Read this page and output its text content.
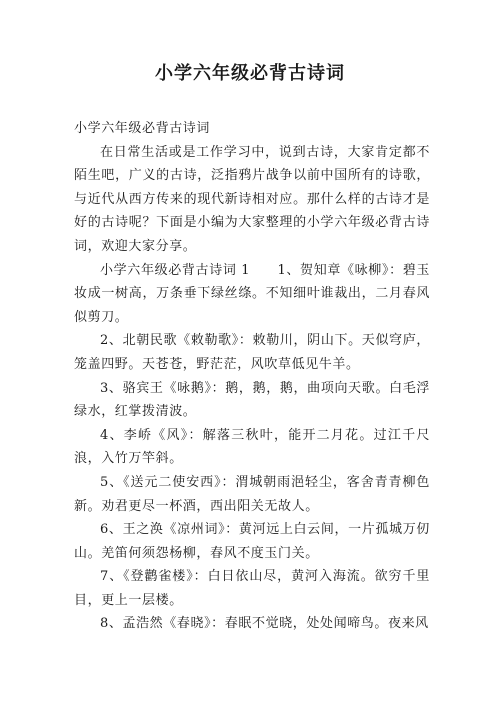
小学六年级必背古诗词

小学六年级必背古诗词

在日常生活或是工作学习中，说到古诗，大家肯定都不陌生吧，广义的古诗，泛指鸦片战争以前中国所有的诗歌，与近代从西方传来的现代新诗相对应。那什么样的古诗才是好的古诗呢？下面是小编为大家整理的小学六年级必背古诗词，欢迎大家分享。

小学六年级必背古诗词 1　　1、贺知章《咏柳》：碧玉妆成一树高，万条垂下绿丝绦。不知细叶谁裁出，二月春风似剪刀。

2、北朝民歌《敕勒歌》：敕勒川，阴山下。天似穹庐，笼盖四野。天苍苍，野茫茫，风吹草低见牛羊。

3、骆宾王《咏鹅》：鹅，鹅，鹅，曲项向天歌。白毛浮绿水，红掌拨清波。

4、李峤《风》：解落三秋叶，能开二月花。过江千尺浪，入竹万竿斜。

5、《送元二使安西》：渭城朝雨浥轻尘，客舍青青柳色新。劝君更尽一杯酒，西出阳关无故人。

6、王之涣《凉州词》：黄河远上白云间，一片孤城万仞山。羌笛何须怨杨柳，春风不度玉门关。

7、《登鹳雀楼》：白日依山尽，黄河入海流。欲穷千里目，更上一层楼。

8、孟浩然《春晓》：春眠不觉晓，处处闻啼鸟。夜来风
